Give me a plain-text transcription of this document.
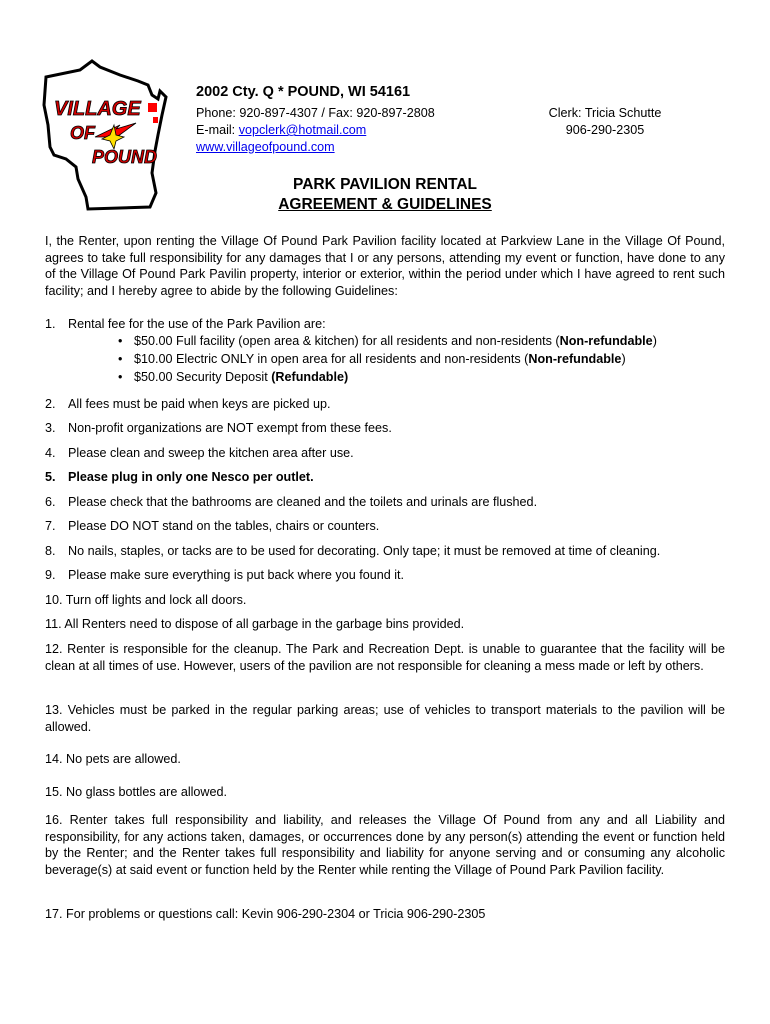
VILLAGE
OF
POUND
2002 Cty. Q * POUND, WI 54161
Phone: 920-897-4307 / Fax: 920-897-2808
E-mail: vopclerk@hotmail.com
www.villageofpound.com
Clerk: Tricia Schutte
906-290-2305
PARK PAVILION RENTAL
AGREEMENT & GUIDELINES
I, the Renter, upon renting the Village Of Pound Park Pavilion facility located at Parkview Lane in the Village Of Pound, agrees to take full responsibility for any damages that I or any persons, attending my event or function, have done to any of the Village Of Pound Park Pavilin property, interior or exterior, within the period under which I have agreed to rent such facility; and I hereby agree to abide by the following Guidelines:
1. Rental fee for the use of the Park Pavilion are:
• $50.00 Full facility (open area & kitchen) for all residents and non-residents (Non-refundable)
• $10.00 Electric ONLY in open area for all residents and non-residents (Non-refundable)
• $50.00 Security Deposit (Refundable)
2. All fees must be paid when keys are picked up.
3. Non-profit organizations are NOT exempt from these fees.
4. Please clean and sweep the kitchen area after use.
5. Please plug in only one Nesco per outlet.
6. Please check that the bathrooms are cleaned and the toilets and urinals are flushed.
7. Please DO NOT stand on the tables, chairs or counters.
8. No nails, staples, or tacks are to be used for decorating. Only tape; it must be removed at time of cleaning.
9. Please make sure everything is put back where you found it.
10. Turn off lights and lock all doors.
11. All Renters need to dispose of all garbage in the garbage bins provided.
12. Renter is responsible for the cleanup. The Park and Recreation Dept. is unable to guarantee that the facility will be clean at all times of use. However, users of the pavilion are not responsible for cleaning a mess made or left by others.
13. Vehicles must be parked in the regular parking areas; use of vehicles to transport materials to the pavilion will be allowed.
14. No pets are allowed.
15. No glass bottles are allowed.
16. Renter takes full responsibility and liability, and releases the Village Of Pound from any and all Liability and responsibility, for any actions taken, damages, or occurrences done by any person(s) attending the event or function held by the Renter; and the Renter takes full responsibility and liability for anyone serving and or consuming any alcoholic beverage(s) at said event or function held by the Renter while renting the Village of Pound Park Pavilion facility.
17. For problems or questions call: Kevin 906-290-2304 or Tricia 906-290-2305
